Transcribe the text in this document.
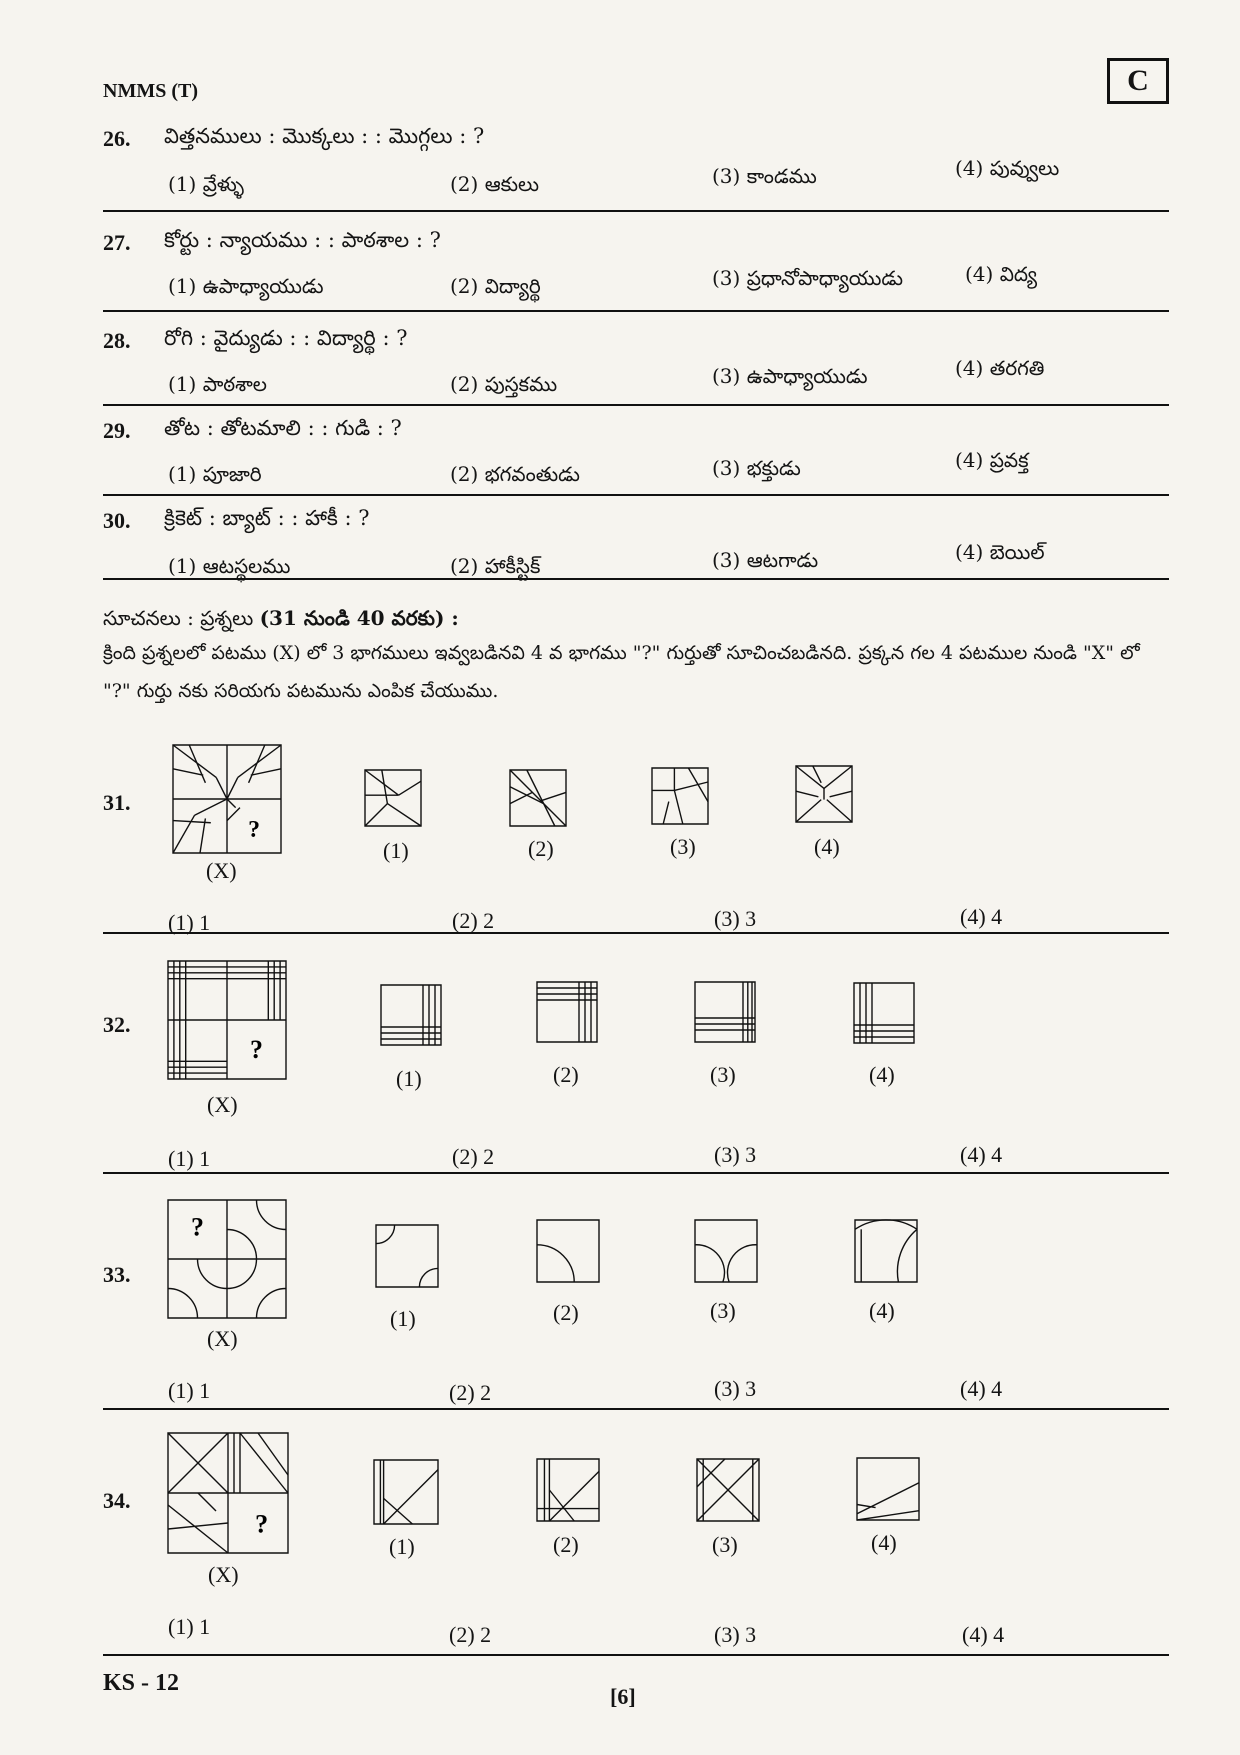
NMMS (T)	C
26. విత్తనములు : మొక్కలు : : మొగ్గలు : ?
(1) వ్రేళ్ళు	(2) ఆకులు	(3) కాండము	(4) పువ్వులు
27. కోర్టు : న్యాయము : : పాఠశాల : ?
(1) ఉపాధ్యాయుడు	(2) విద్యార్థి	(3) ప్రధానోపాధ్యాయుడు	(4) విద్య
28. రోగి : వైద్యుడు : : విద్యార్థి : ?
(1) పాఠశాల	(2) పుస్తకము	(3) ఉపాధ్యాయుడు	(4) తరగతి
29. తోట : తోటమాలి : : గుడి : ?
(1) పూజారి	(2) భగవంతుడు	(3) భక్తుడు	(4) ప్రవక్త
30. క్రికెట్ : బ్యాట్ : : హాకీ : ?
(1) ఆటస్థలము	(2) హాకీస్టిక్	(3) ఆటగాడు	(4) బెయిల్
సూచనలు : ప్రశ్నలు (31 నుండి 40 వరకు) :
క్రింది ప్రశ్నలలో పటము (X) లో 3 భాగములు ఇవ్వబడినవి 4 వ భాగము "?" గుర్తుతో సూచించబడినది. ప్రక్కన గల 4 పటముల నుండి "X" లో "?" గుర్తు నకు సరియగు పటమును ఎంపిక చేయుము.
31.
?
(X)
(1)	(2)	(3)	(4)
(1) 1	(2) 2	(3) 3	(4) 4
32.
?
(X)
(1)	(2)	(3)	(4)
(1) 1	(2) 2	(3) 3	(4) 4
33.
?
(X)
(1)	(2)	(3)	(4)
(1) 1	(2) 2	(3) 3	(4) 4
34.
?
(X)
(1)	(2)	(3)	(4)
(1) 1	(2) 2	(3) 3	(4) 4
KS - 12
[6]
